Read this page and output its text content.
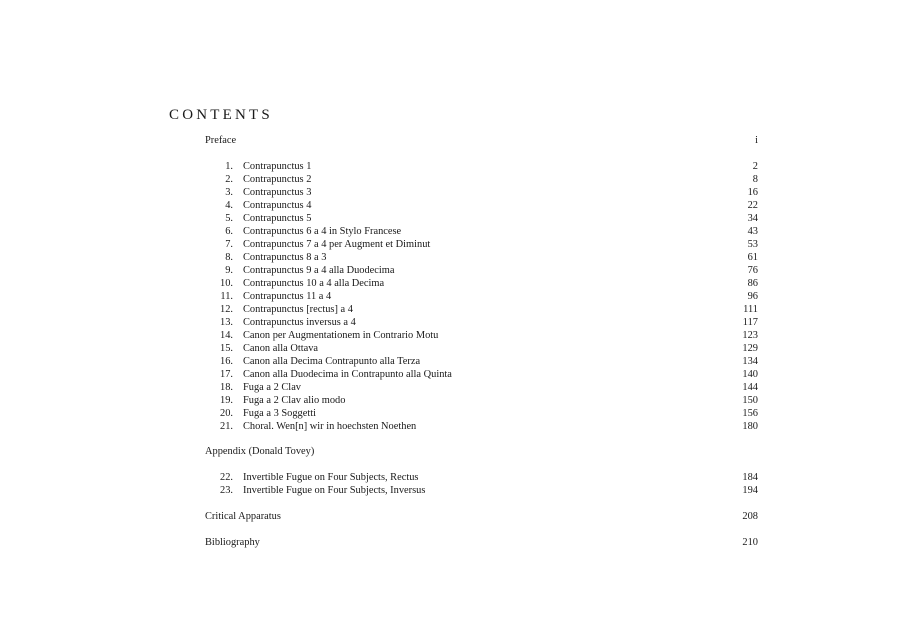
CONTENTS
Preface	i
1. Contrapunctus 1	2
2. Contrapunctus 2	8
3. Contrapunctus 3	16
4. Contrapunctus 4	22
5. Contrapunctus 5	34
6. Contrapunctus 6 a 4 in Stylo Francese	43
7. Contrapunctus 7 a 4 per Augment et Diminut	53
8. Contrapunctus 8 a 3	61
9. Contrapunctus 9 a 4 alla Duodecima	76
10. Contrapunctus 10 a 4 alla Decima	86
11. Contrapunctus 11 a 4	96
12. Contrapunctus [rectus] a 4	111
13. Contrapunctus inversus a 4	117
14. Canon per Augmentationem in Contrario Motu	123
15. Canon alla Ottava	129
16. Canon alla Decima Contrapunto alla Terza	134
17. Canon alla Duodecima in Contrapunto alla Quinta	140
18. Fuga a 2 Clav	144
19. Fuga a 2 Clav alio modo	150
20. Fuga a 3 Soggetti	156
21. Choral. Wen[n] wir in hoechsten Noethen	180
Appendix (Donald Tovey)
22. Invertible Fugue on Four Subjects, Rectus	184
23. Invertible Fugue on Four Subjects, Inversus	194
Critical Apparatus	208
Bibliography	210
